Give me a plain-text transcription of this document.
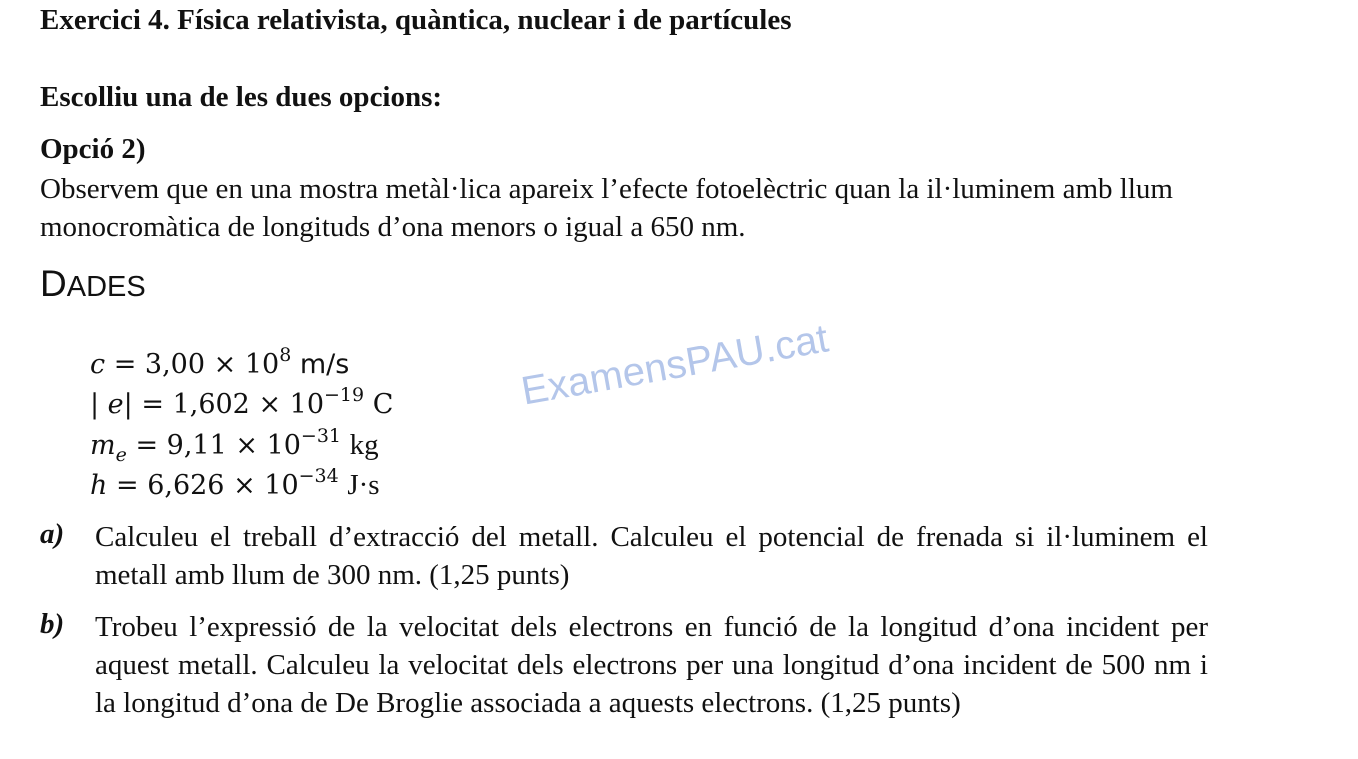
Exercici 4. Física relativista, quàntica, nuclear i de partícules
Escolliu una de les dues opcions:
Opció 2)
Observem que en una mostra metàl·lica apareix l’efecte fotoelèctric quan la il·luminem amb llum monocromàtica de longituds d’ona menors o igual a 650 nm.
DADES
$c = 3,00 \times 10^8$ m/s
| $e| = 1,602 \times 10^{-19}$ C
$m_e = 9,11 \times 10^{-31}$ kg
$h = 6,626 \times 10^{-34}$ J·s
ExamensPAU.cat
a) Calculeu el treball d’extracció del metall. Calculeu el potencial de frenada si il·luminem el metall amb llum de 300 nm. (1,25 punts)
b) Trobeu l’expressió de la velocitat dels electrons en funció de la longitud d’ona incident per aquest metall. Calculeu la velocitat dels electrons per una longitud d’ona incident de 500 nm i la longitud d’ona de De Broglie associada a aquests electrons. (1,25 punts)
